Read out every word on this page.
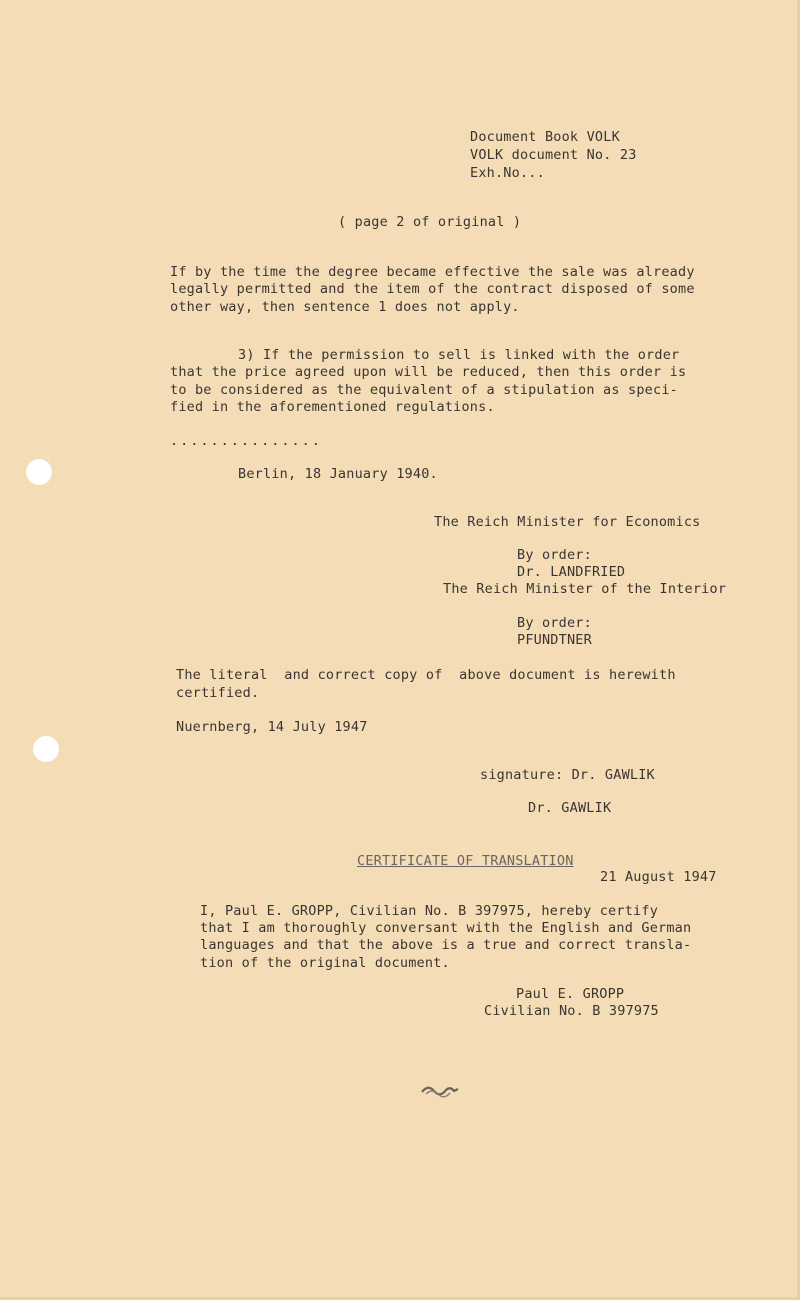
Document Book VOLK
VOLK document No. 23
Exh.No...
( page 2 of original )
If by the time the degree became effective the sale was already
legally permitted and the item of the contract disposed of some
other way, then sentence 1 does not apply.
3) If the permission to sell is linked with the order
that the price agreed upon will be reduced, then this order is
to be considered as the equivalent of a stipulation as speci-
fied in the aforementioned regulations.
...............
Berlin, 18 January 1940.
The Reich Minister for Economics
By order:
Dr. LANDFRIED
The Reich Minister of the Interior
By order:
PFUNDTNER
The literal  and correct copy of  above document is herewith
certified.
Nuernberg, 14 July 1947
signature: Dr. GAWLIK
Dr. GAWLIK
CERTIFICATE OF TRANSLATION
21 August 1947
I, Paul E. GROPP, Civilian No. B 397975, hereby certify
that I am thoroughly conversant with the English and German
languages and that the above is a true and correct transla-
tion of the original document.
Paul E. GROPP
Civilian No. B 397975
